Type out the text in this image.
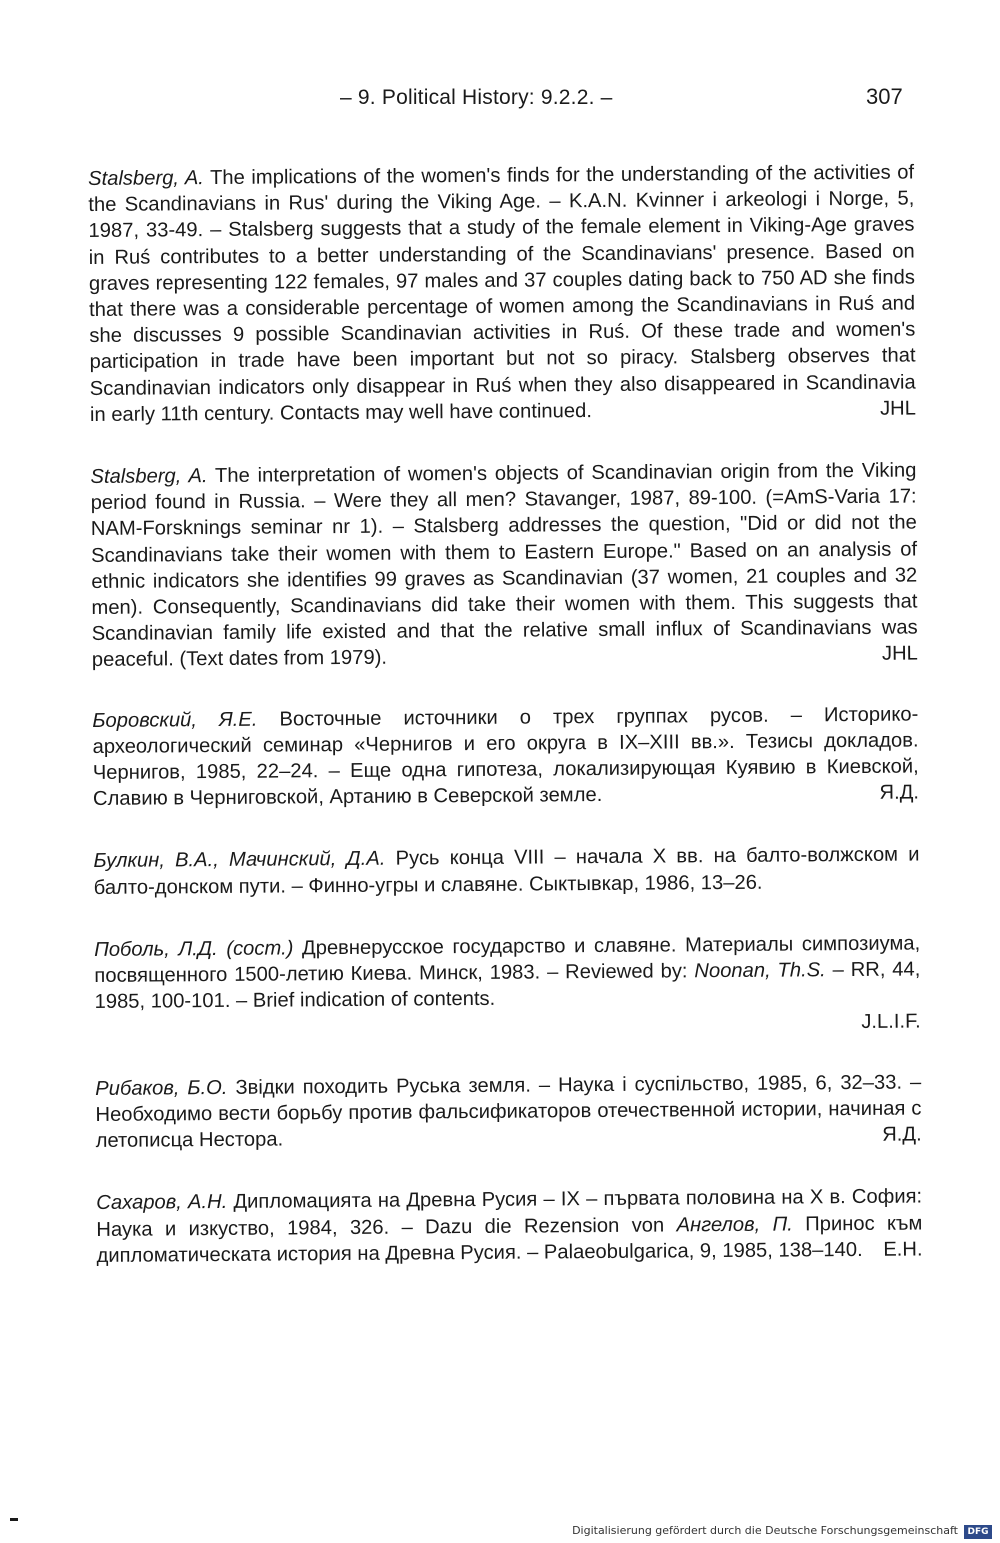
– 9. Political History: 9.2.2. –	307
Stalsberg, A. The implications of the women's finds for the understanding of the activities of the Scandinavians in Rus' during the Viking Age. – K.A.N. Kvinner i arkeologi i Norge, 5, 1987, 33-49. – Stalsberg suggests that a study of the female element in Viking-Age graves in Ruś contributes to a better understanding of the Scandinavians' presence. Based on graves representing 122 females, 97 males and 37 couples dating back to 750 AD she finds that there was a considerable percentage of women among the Scandinavians in Ruś and she discusses 9 possible Scandinavian activities in Ruś. Of these trade and women's participation in trade have been important but not so piracy. Stalsberg observes that Scandinavian indicators only disappear in Ruś when they also disappeared in Scandinavia in early 11th century. Contacts may well have continued.	JHL
Stalsberg, A. The interpretation of women's objects of Scandinavian origin from the Viking period found in Russia. – Were they all men? Stavanger, 1987, 89-100. (=AmS-Varia 17: NAM-Forsknings seminar nr 1). – Stalsberg addresses the question, "Did or did not the Scandinavians take their women with them to Eastern Europe." Based on an analysis of ethnic indicators she identifies 99 graves as Scandinavian (37 women, 21 couples and 32 men). Consequently, Scandinavians did take their women with them. This suggests that Scandinavian family life existed and that the relative small influx of Scandinavians was peaceful. (Text dates from 1979).	JHL
Боровский, Я.Е. Восточные источники о трех группах русов. – Историко-археологический семинар «Чернигов и его округа в IX–XIII вв.». Тезисы докладов. Чернигов, 1985, 22–24. – Еще одна гипотеза, локализирующая Куявию в Киевской, Славию в Черниговской, Артанию в Северской земле.	Я.Д.
Булкин, В.А., Мачинский, Д.А. Русь конца VIII – начала X вв. на балто-волжском и балто-донском пути. – Финно-угры и славяне. Сыктывкар, 1986, 13–26.
Поболь, Л.Д. (сост.) Древнерусское государство и славяне. Материалы симпозиума, посвященного 1500-летию Киева. Минск, 1983. – Reviewed by: Noonan, Th.S. – RR, 44, 1985, 100-101. – Brief indication of contents.
J.L.I.F.
Рибаков, Б.О. Звідки походить Руська земля. – Наука і суспільство, 1985, 6, 32–33. – Необходимо вести борьбу против фальсификаторов отечественной истории, начиная с летописца Нестора.	Я.Д.
Сахаров, А.Н. Дипломацията на Древна Русия – IX – първата половина на X в. София: Наука и изкуство, 1984, 326. – Dazu die Rezension von Ангелов, П. Принос към дипломатическата история на Древна Русия. – Palaeobulgarica, 9, 1985, 138–140. Е.Н.
Digitalisierung gefördert durch die Deutsche Forschungsgemeinschaft	DFG
